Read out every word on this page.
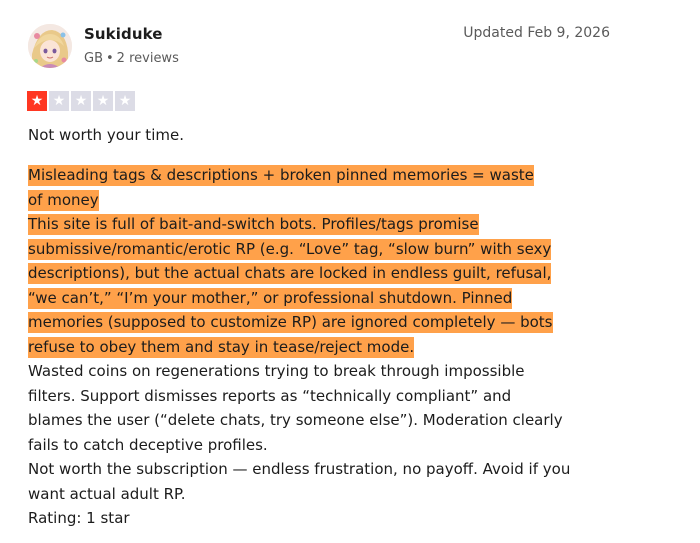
Sukiduke
GB • 2 reviews
Updated Feb 9, 2026
★ ★ ★ ★ ★
Not worth your time.
Misleading tags & descriptions + broken pinned memories = waste
of money
This site is full of bait-and-switch bots. Profiles/tags promise
submissive/romantic/erotic RP (e.g. “Love” tag, “slow burn” with sexy
descriptions), but the actual chats are locked in endless guilt, refusal,
“we can’t,” “I’m your mother,” or professional shutdown. Pinned
memories (supposed to customize RP) are ignored completely — bots
refuse to obey them and stay in tease/reject mode.
Wasted coins on regenerations trying to break through impossible
filters. Support dismisses reports as “technically compliant” and
blames the user (“delete chats, try someone else”). Moderation clearly
fails to catch deceptive profiles.
Not worth the subscription — endless frustration, no payoff. Avoid if you
want actual adult RP.
Rating: 1 star
